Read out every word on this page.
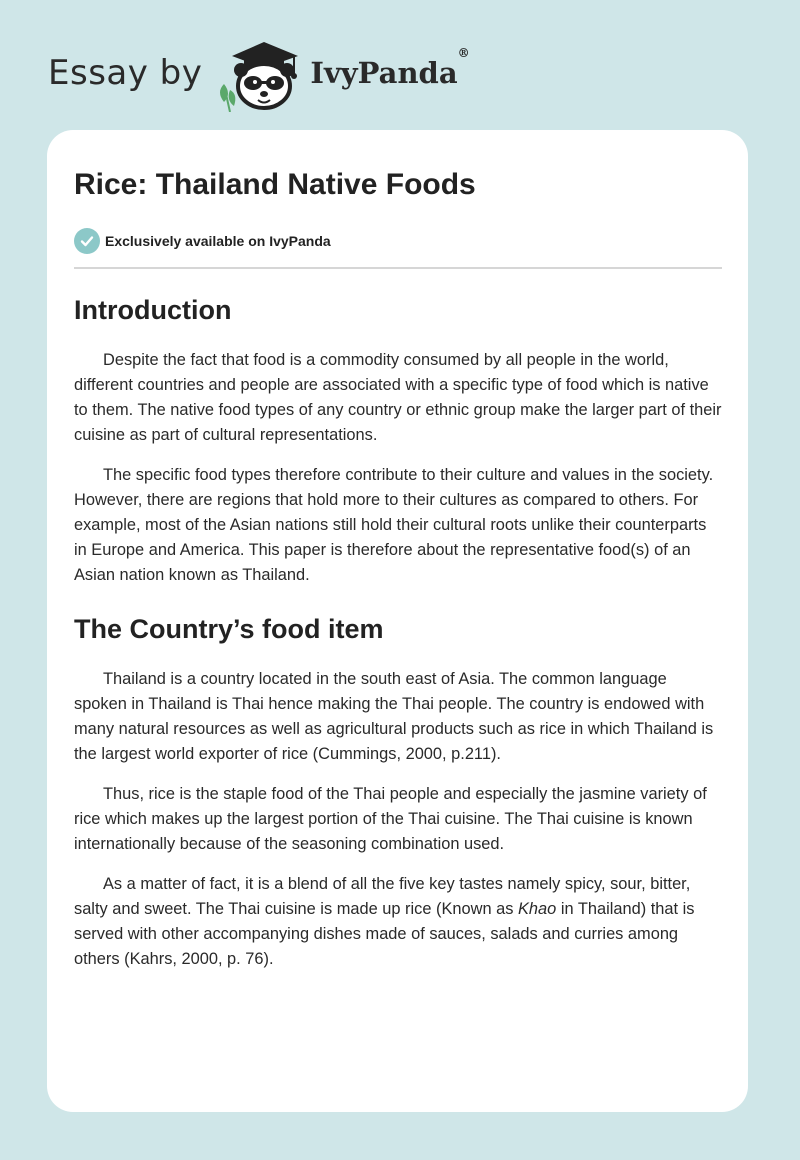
Essay by	IvyPanda®
Rice: Thailand Native Foods
Exclusively available on IvyPanda
Introduction

Despite the fact that food is a commodity consumed by all people in the world, different countries and people are associated with a specific type of food which is native to them. The native food types of any country or ethnic group make the larger part of their cuisine as part of cultural representations.

The specific food types therefore contribute to their culture and values in the society. However, there are regions that hold more to their cultures as compared to others. For example, most of the Asian nations still hold their cultural roots unlike their counterparts in Europe and America. This paper is therefore about the representative food(s) of an Asian nation known as Thailand.

The Country’s food item

Thailand is a country located in the south east of Asia. The common language spoken in Thailand is Thai hence making the Thai people. The country is endowed with many natural resources as well as agricultural products such as rice in which Thailand is the largest world exporter of rice (Cummings, 2000, p.211).

Thus, rice is the staple food of the Thai people and especially the jasmine variety of rice which makes up the largest portion of the Thai cuisine. The Thai cuisine is known internationally because of the seasoning combination used.

As a matter of fact, it is a blend of all the five key tastes namely spicy, sour, bitter, salty and sweet. The Thai cuisine is made up rice (Known as Khao in Thailand) that is served with other accompanying dishes made of sauces, salads and curries among others (Kahrs, 2000, p. 76).
